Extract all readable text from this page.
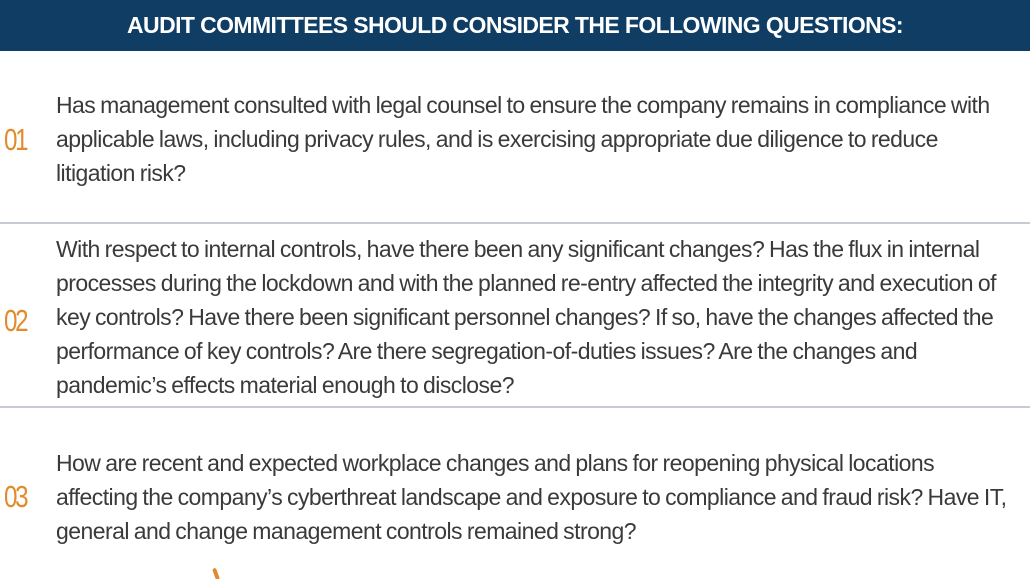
AUDIT COMMITTEES SHOULD CONSIDER THE FOLLOWING QUESTIONS:
01
Has management consulted with legal counsel to ensure the company remains in compliance with applicable laws, including privacy rules, and is exercising appropriate due diligence to reduce litigation risk?
02
With respect to internal controls, have there been any significant changes? Has the flux in internal processes during the lockdown and with the planned re-entry affected the integrity and execution of key controls? Have there been significant personnel changes? If so, have the changes affected the performance of key controls? Are there segregation-of-duties issues? Are the changes and pandemic’s effects material enough to disclose?
03
How are recent and expected workplace changes and plans for reopening physical locations affecting the company’s cyberthreat landscape and exposure to compliance and fraud risk? Have IT, general and change management controls remained strong?
